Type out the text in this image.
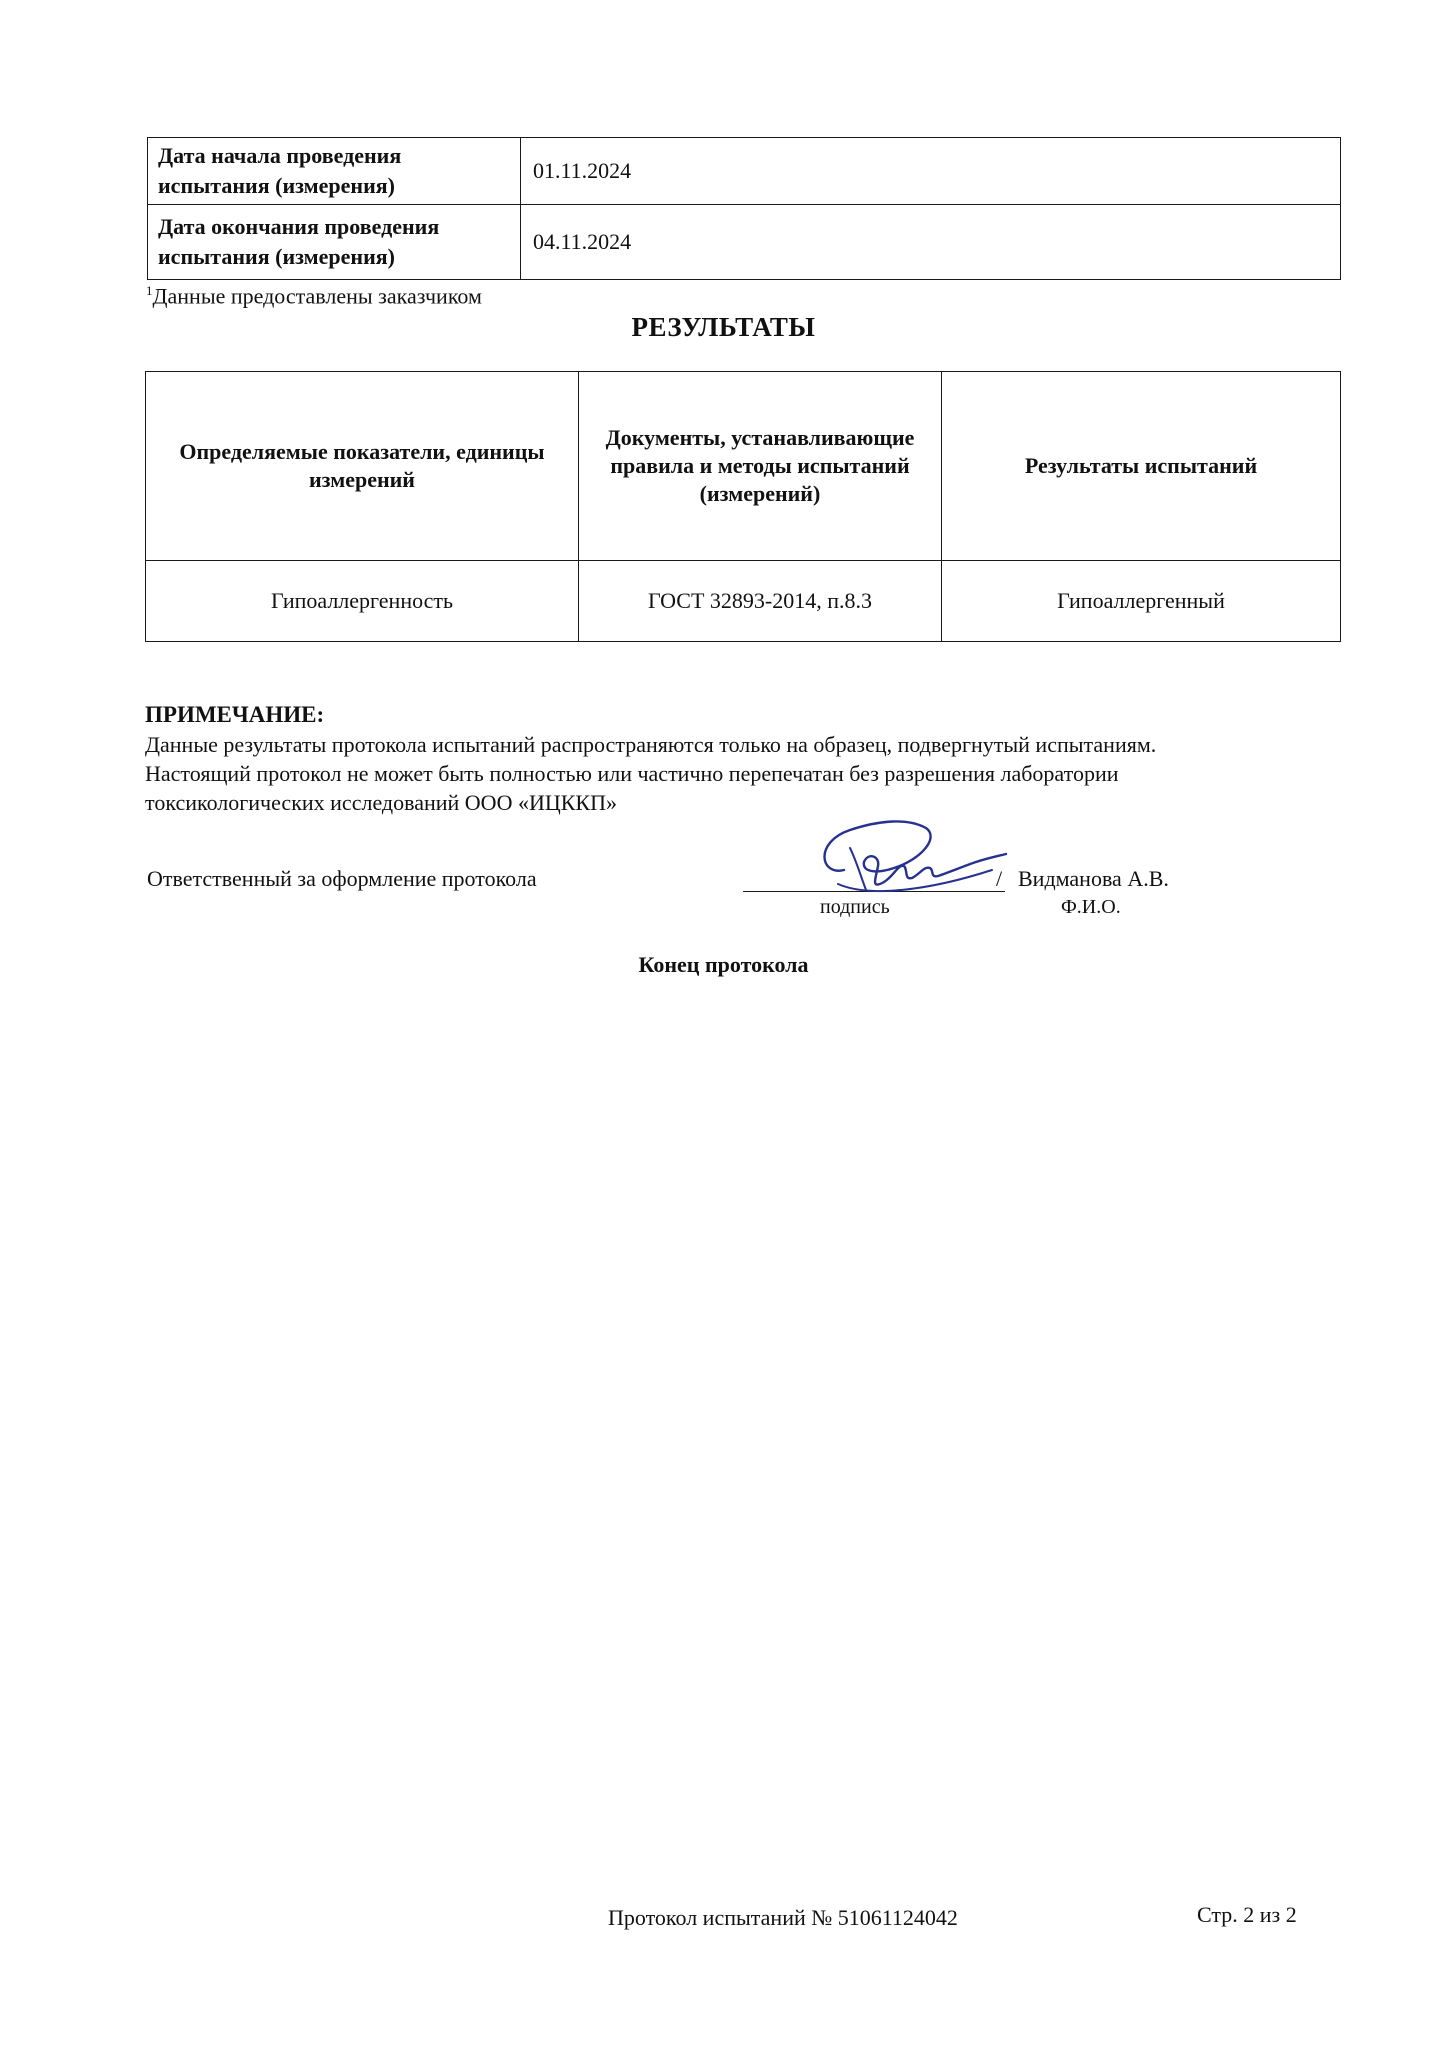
Дата начала проведения испытания (измерения)	01.11.2024
Дата окончания проведения испытания (измерения)	04.11.2024
$^1$Данные предоставлены заказчиком
РЕЗУЛЬТАТЫ
Определяемые показатели, единицы измерений	Документы, устанавливающие правила и методы испытаний (измерений)	Результаты испытаний
Гипоаллергенность	ГОСТ 32893-2014, п.8.3	Гипоаллергенный
ПРИМЕЧАНИЕ:
Данные результаты протокола испытаний распространяются только на образец, подвергнутый испытаниям.
Настоящий протокол не может быть полностью или частично перепечатан без разрешения лаборатории
токсикологических исследований ООО «ИЦККП»
Ответственный за оформление протокола	/
подпись
Видманова А.В.
Ф.И.О.
Конец протокола
Протокол испытаний № 51061124042	Стр. 2 из 2
